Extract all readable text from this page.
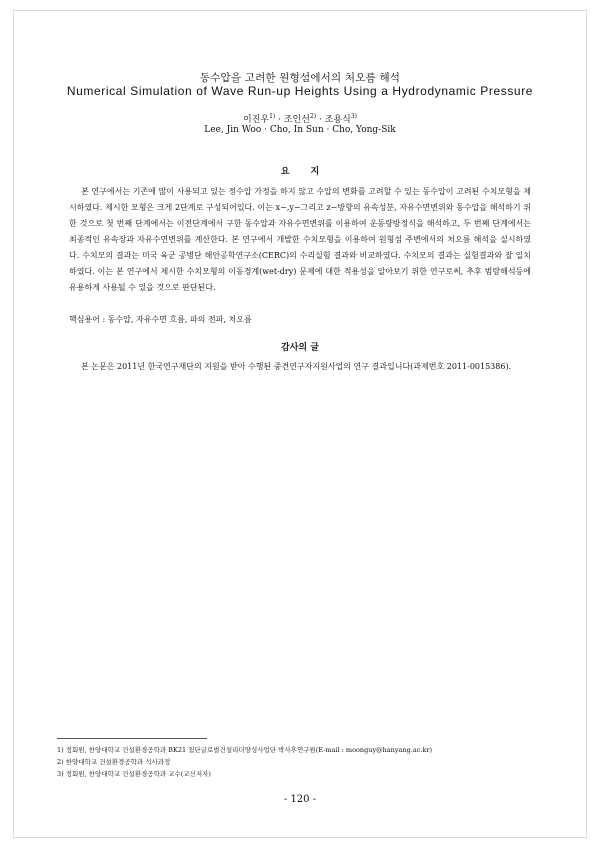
동수압을 고려한 원형섬에서의 처오름 해석
Numerical Simulation of Wave Run-up Heights Using a Hydrodynamic Pressure
이진우$^{1)}$ · 조인선$^{2)}$ · 조용식$^{3)}$
Lee, Jin Woo · Cho, In Sun · Cho, Yong-Sik
요 지
본 연구에서는 기존에 많이 사용되고 있는 정수압 가정을 하지 않고 수압의 변화를 고려할 수 있는 동수압이 고려된 수치모형을 제시하였다. 제시한 모형은 크게 2단계로 구성되어있다. 이는 x−,y−그리고 z−방향의 유속성분, 자유수면변위와 동수압을 해석하기 위한 것으로 첫 번째 단계에서는 이전단계에서 구한 동수압과 자유수면변위를 이용하여 운동량방정식을 해석하고, 두 번째 단계에서는 최종적인 유속장과 자유수면변위를 계산한다. 본 연구에서 개발한 수치모형을 이용하여 원형섬 주변에서의 처오름 해석을 실시하였다. 수치모의 결과는 미국 육군 공병단 해안공학연구소(CERC)의 수리실험 결과와 비교하였다. 수치모의 결과는 실험결과와 잘 일치하였다. 이는 본 연구에서 제시한 수치모형의 이동경계(wet-dry) 문제에 대한 적용성을 알아보기 위한 연구로써, 추후 범람해석등에 유용하게 사용될 수 있을 것으로 판단된다.
핵심용어 : 동수압, 자유수면 흐름, 파의 전파, 처오름
감사의 글
본 논문은 2011년 한국연구재단의 지원을 받아 수행된 중견연구자지원사업의 연구 결과입니다(과제번호 2011-0015386).
1) 정회원, 한양대학교 건설환경공학과 BK21 첨단글로벌건설리더양성사업단 박사후연구원(E-mail : moonguy@hanyang.ac.kr)
2) 한양대학교 건설환경공학과 석사과정
3) 정회원, 한양대학교 건설환경공학과 교수(교신저자)
- 120 -
